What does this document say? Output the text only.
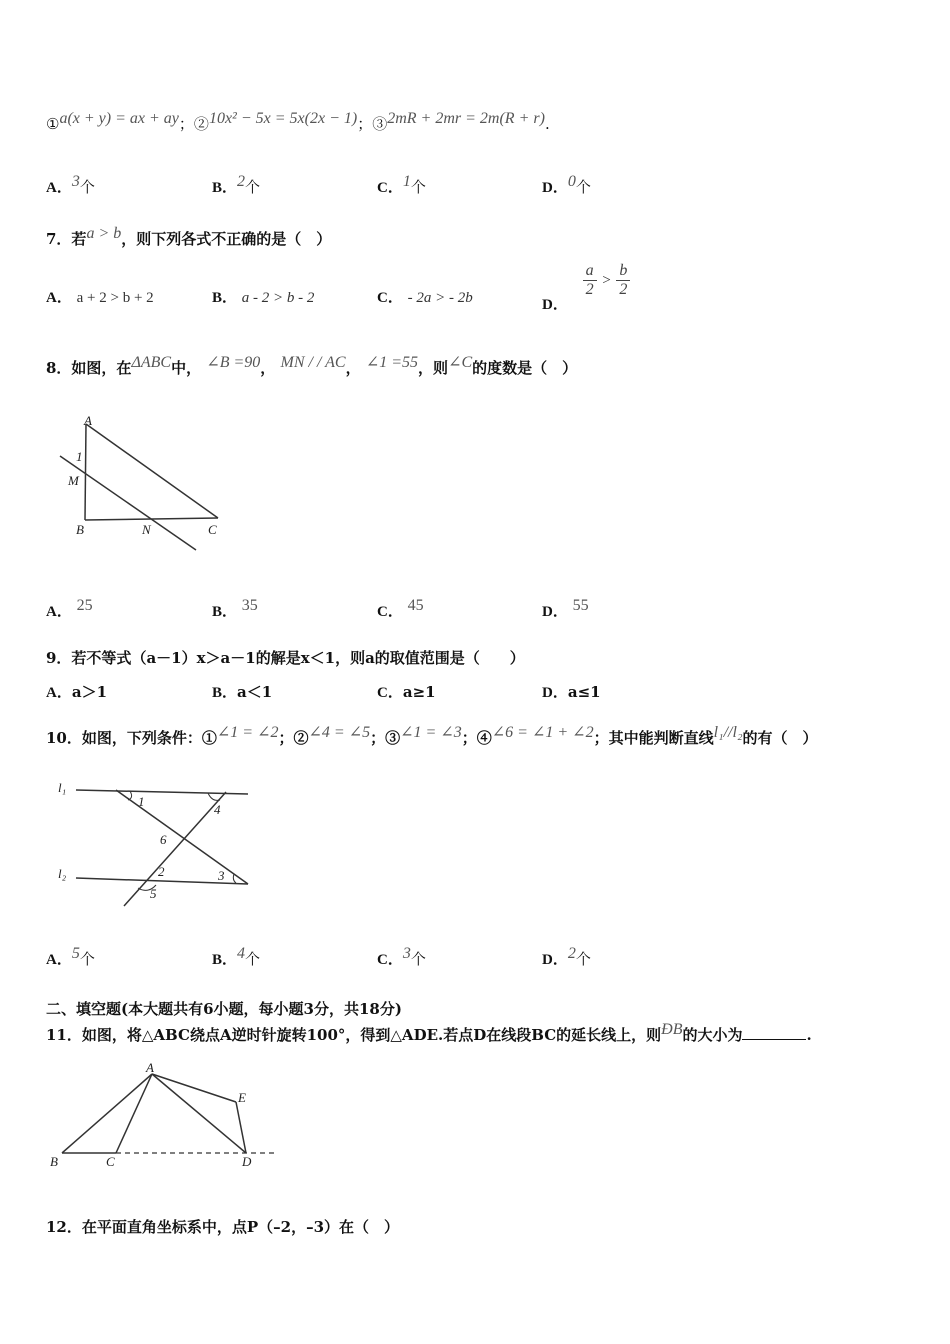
①a(x + y) = ax + ay；②10x² − 5x = 5x(2x − 1)；③2mR + 2mr = 2m(R + r).
A．3个	B．2个	C．1个	D．0个
7．若a > b，则下列各式不正确的是（　）
A． a + 2 > b + 2	B． a - 2 > b - 2	C． - 2a > - 2b	D．
$\frac{a}{2} > \frac{b}{2}$
8．如图，在ΔABC中， ∠B =90， MN / / AC， ∠1 =55，则∠C的度数是（　）
A
1
M
B	N	C
A． 25	B． 35	C． 45	D． 55
9．若不等式（a－1）x＞a－1的解是x＜1，则a的取值范围是（　　）
A．a＞1	B．a＜1	C．a≥1	D．a≤1
10．如图，下列条件：①∠1 = ∠2；②∠4 = ∠5；③∠1 = ∠3；④∠6 = ∠1 + ∠2；其中能判断直线l₁//l₂的有（　）
l₁
l₂
1
4
6
2	3
5
A．5个	B．4个	C．3个	D．2个
二、填空题(本大题共有6小题，每小题3分，共18分)
11．如图，将△ABC绕点A逆时针旋转100°，得到△ADE.若点D在线段BC的延长线上，则ÐB的大小为	.
A
B	C	D
E
12．在平面直角坐标系中，点P（–2，–3）在（　）
